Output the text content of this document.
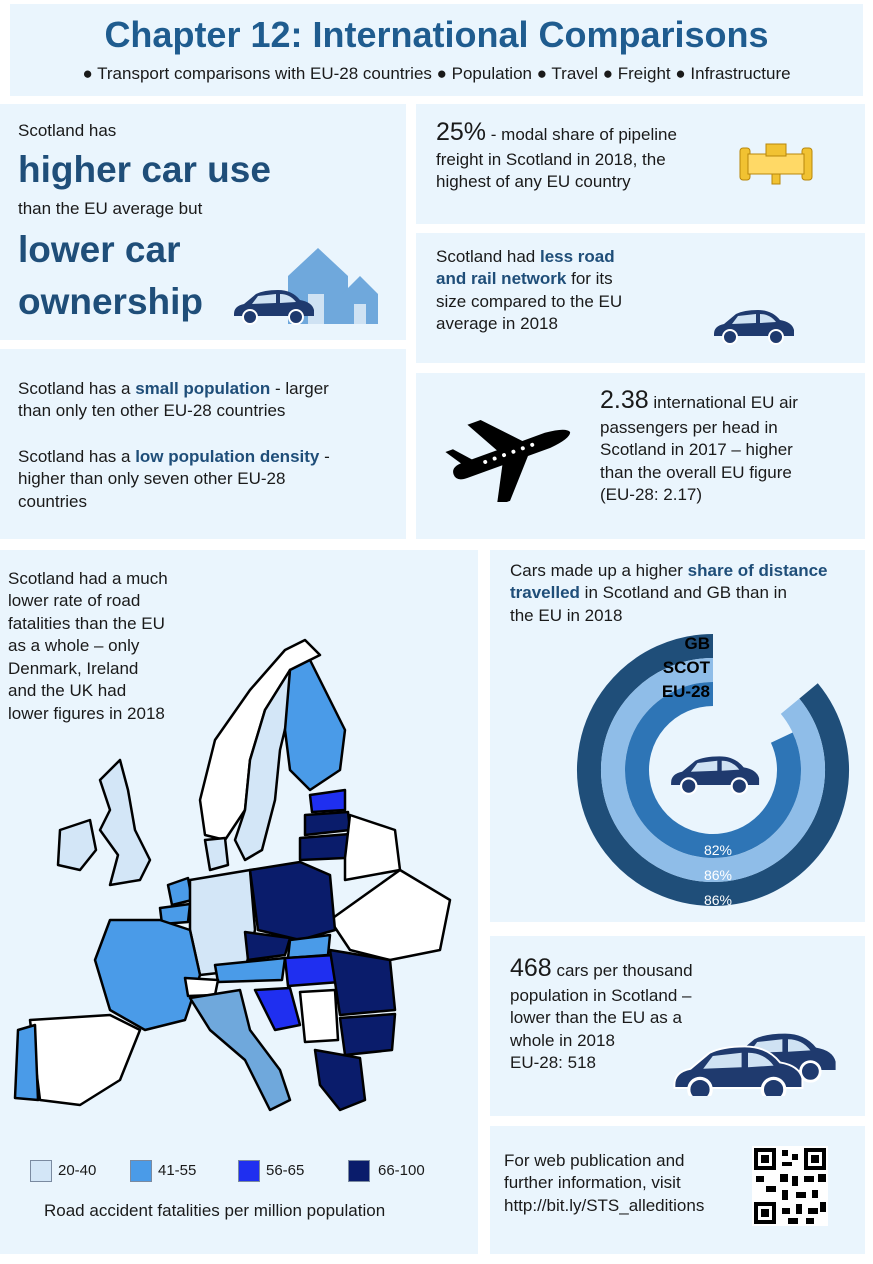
Chapter 12: International Comparisons
● Transport comparisons with EU-28 countries ● Population ● Travel ● Freight ● Infrastructure
Scotland has
higher car use
than the EU average but
lower car
ownership
25% - modal share of pipeline
freight in Scotland in 2018, the
highest of any EU country
Scotland had less road
and rail network for its
size compared to the EU
average in 2018
Scotland has a small population - larger
than only ten other EU-28 countries
Scotland has a low population density -
higher than only seven other EU-28
countries
2.38 international EU air
passengers per head in
Scotland in 2017 – higher
than the overall EU figure
(EU-28: 2.17)
Scotland had a much
lower rate of road
fatalities than the EU
as a whole – only
Denmark, Ireland
and the UK had
lower figures in 2018
20-40	41-55	56-65	66-100
Road accident fatalities per million population
Cars made up a higher share of distance
travelled in Scotland and GB than in
the EU in 2018
GB
SCOT
EU-28
82%
86%
86%
468 cars per thousand
population in Scotland –
lower than the EU as a
whole in 2018
EU-28: 518
For web publication and
further information, visit
http://bit.ly/STS_alleditions
